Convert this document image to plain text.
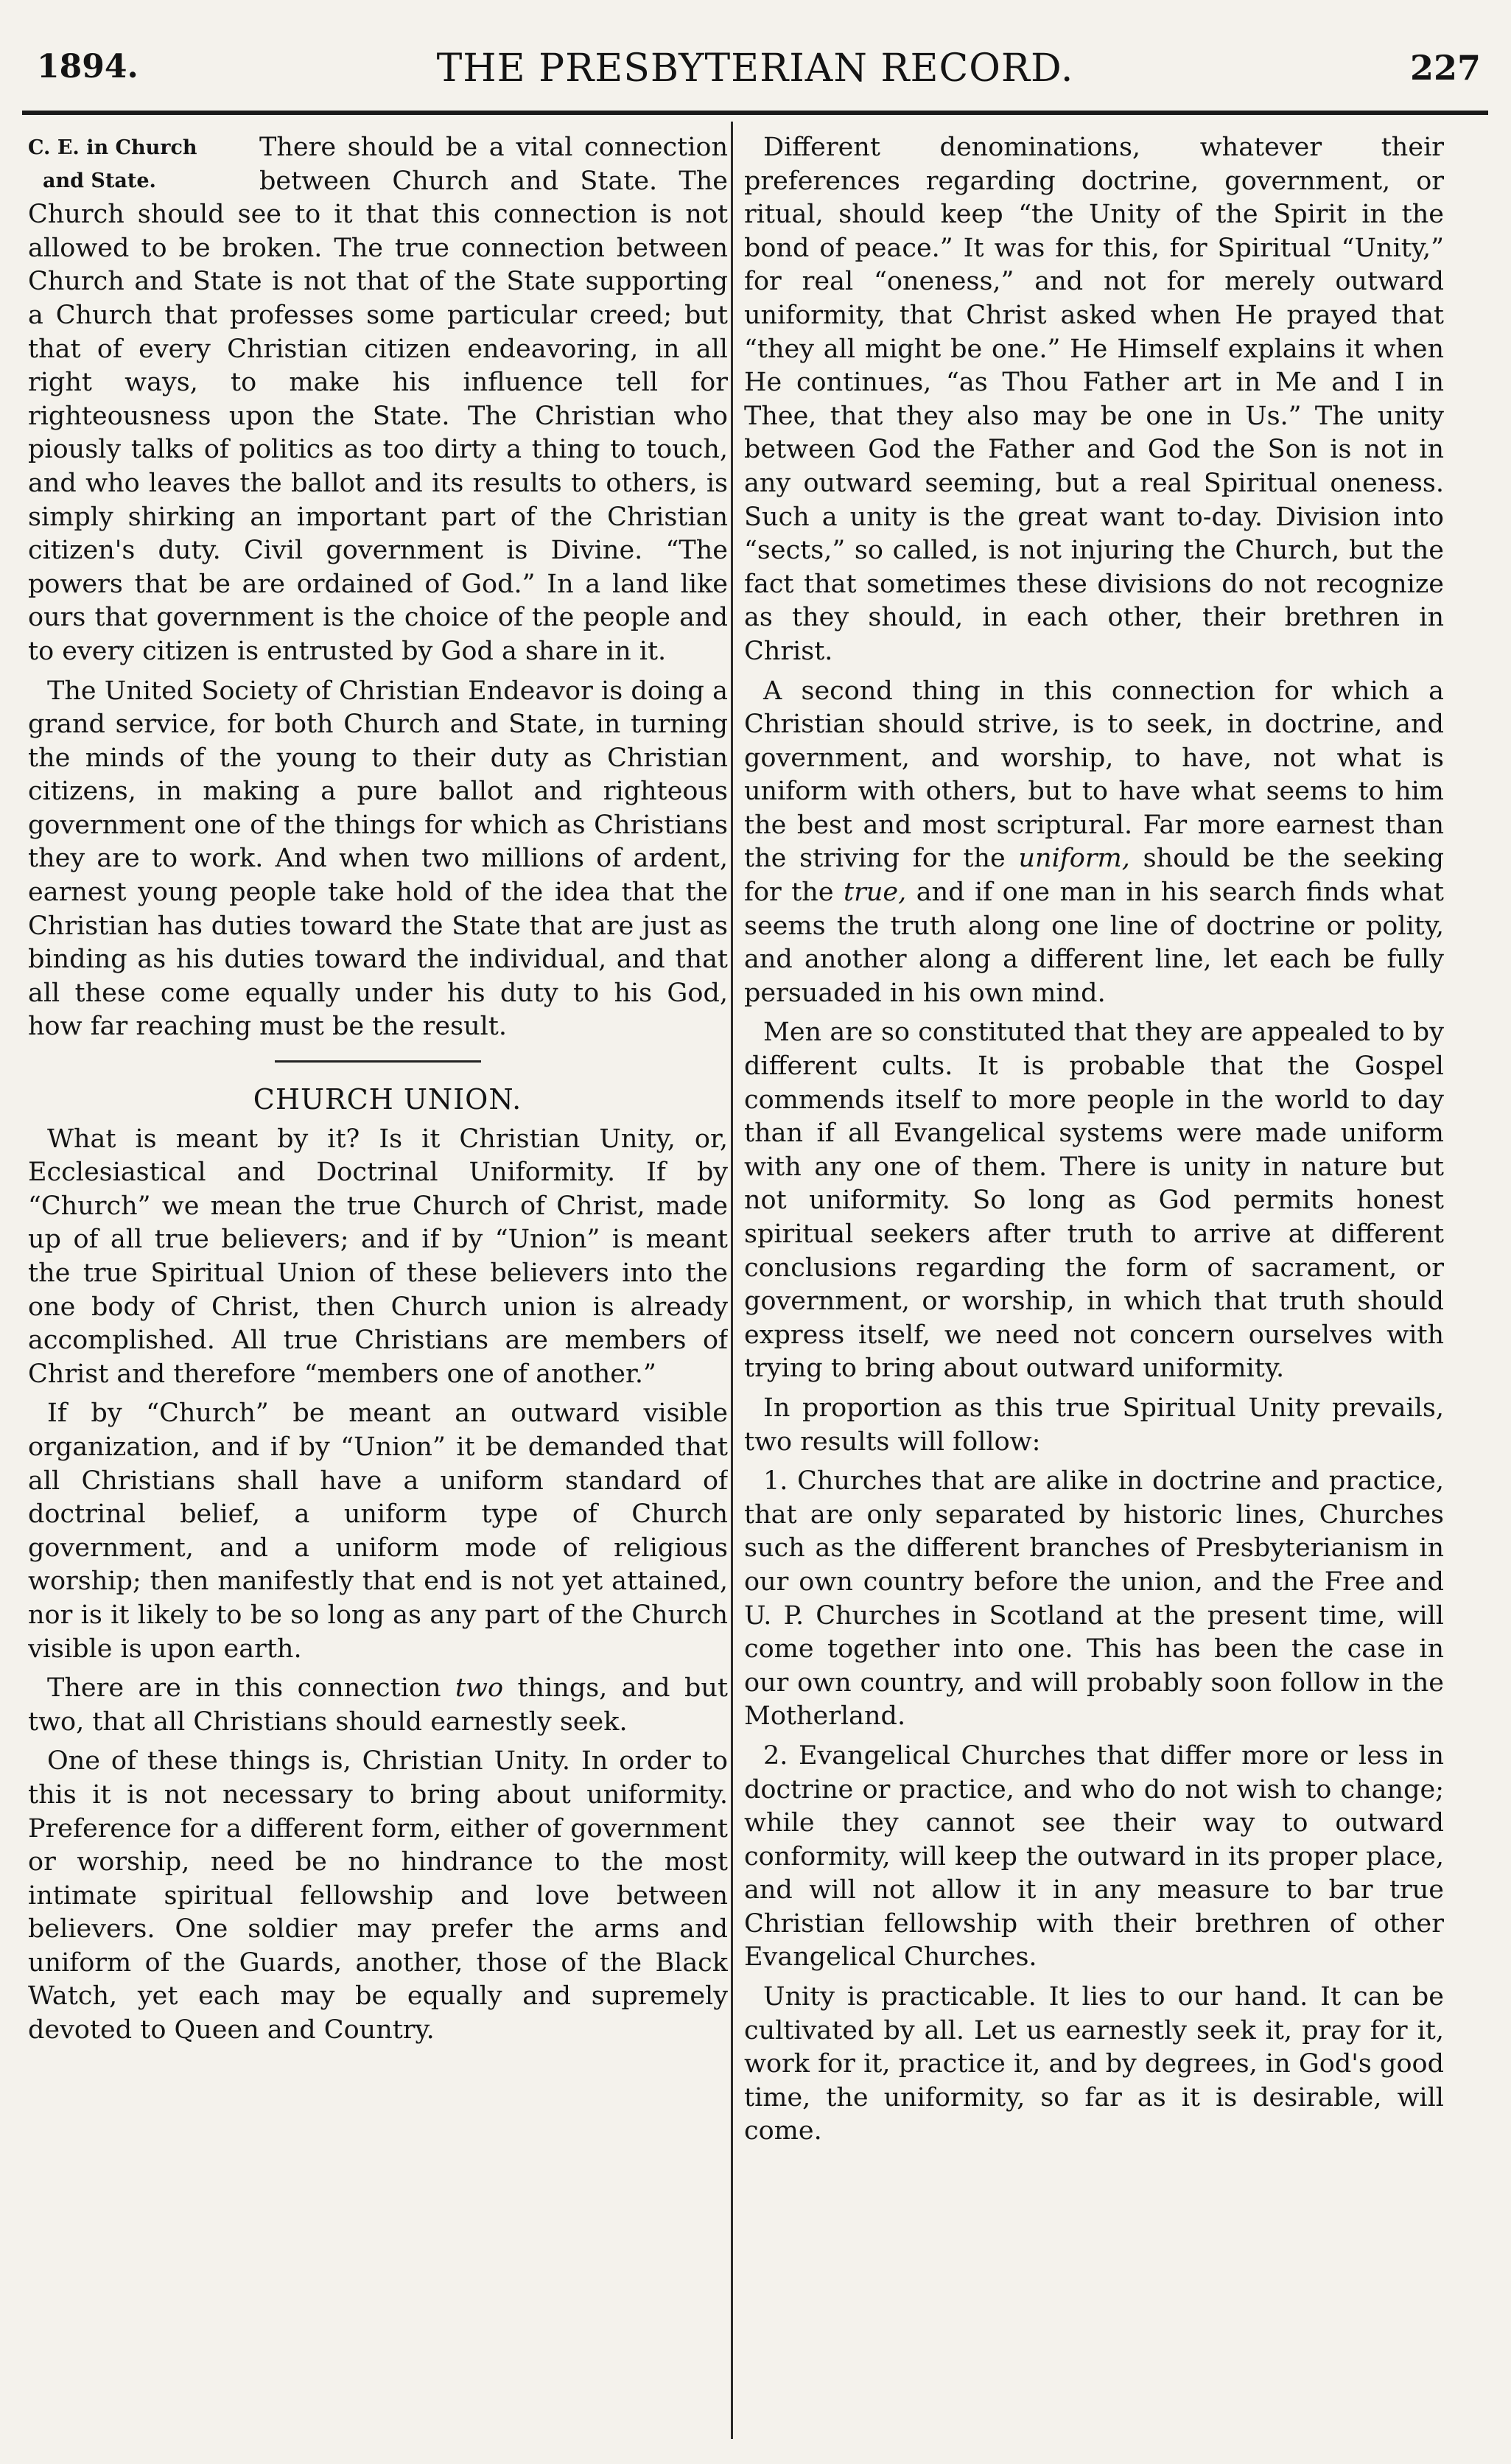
1894.	THE PRESBYTERIAN RECORD.	227

C. E. in Church
and State.
There should be a vital connection between Church and State. The Church should see to it that this connection is not allowed to be broken. The true connection between Church and State is not that of the State supporting a Church that professes some particular creed; but that of every Christian citizen endeavoring, in all right ways, to make his influence tell for righteousness upon the State. The Christian who piously talks of politics as too dirty a thing to touch, and who leaves the ballot and its results to others, is simply shirking an important part of the Christian citizen's duty. Civil government is Divine. “The powers that be are ordained of God.” In a land like ours that government is the choice of the people and to every citizen is entrusted by God a share in it.

The United Society of Christian Endeavor is doing a grand service, for both Church and State, in turning the minds of the young to their duty as Christian citizens, in making a pure ballot and righteous government one of the things for which as Christians they are to work. And when two millions of ardent, earnest young people take hold of the idea that the Christian has duties toward the State that are just as binding as his duties toward the individual, and that all these come equally under his duty to his God, how far reaching must be the result.

CHURCH UNION.

What is meant by it? Is it Christian Unity, or, Ecclesiastical and Doctrinal Uniformity. If by “Church” we mean the true Church of Christ, made up of all true believers; and if by “Union” is meant the true Spiritual Union of these believers into the one body of Christ, then Church union is already accomplished. All true Christians are members of Christ and therefore “members one of another.”

If by “Church” be meant an outward visible organization, and if by “Union” it be demanded that all Christians shall have a uniform standard of doctrinal belief, a uniform type of Church government, and a uniform mode of religious worship; then manifestly that end is not yet attained, nor is it likely to be so long as any part of the Church visible is upon earth.

There are in this connection two things, and but two, that all Christians should earnestly seek.

One of these things is, Christian Unity. In order to this it is not necessary to bring about uniformity. Preference for a different form, either of government or worship, need be no hindrance to the most intimate spiritual fellowship and love between believers. One soldier may prefer the arms and uniform of the Guards, another, those of the Black Watch, yet each may be equally and supremely devoted to Queen and Country.

Different denominations, whatever their preferences regarding doctrine, government, or ritual, should keep “the Unity of the Spirit in the bond of peace.” It was for this, for Spiritual “Unity,” for real “oneness,” and not for merely outward uniformity, that Christ asked when He prayed that “they all might be one.” He Himself explains it when He continues, “as Thou Father art in Me and I in Thee, that they also may be one in Us.” The unity between God the Father and God the Son is not in any outward seeming, but a real Spiritual oneness. Such a unity is the great want to-day. Division into “sects,” so called, is not injuring the Church, but the fact that sometimes these divisions do not recognize as they should, in each other, their brethren in Christ.

A second thing in this connection for which a Christian should strive, is to seek, in doctrine, and government, and worship, to have, not what is uniform with others, but to have what seems to him the best and most scriptural. Far more earnest than the striving for the uniform, should be the seeking for the true, and if one man in his search finds what seems the truth along one line of doctrine or polity, and another along a different line, let each be fully persuaded in his own mind.

Men are so constituted that they are appealed to by different cults. It is probable that the Gospel commends itself to more people in the world to day than if all Evangelical systems were made uniform with any one of them. There is unity in nature but not uniformity. So long as God permits honest spiritual seekers after truth to arrive at different conclusions regarding the form of sacrament, or government, or worship, in which that truth should express itself, we need not concern ourselves with trying to bring about outward uniformity.

In proportion as this true Spiritual Unity prevails, two results will follow:

1. Churches that are alike in doctrine and practice, that are only separated by historic lines, Churches such as the different branches of Presbyterianism in our own country before the union, and the Free and U. P. Churches in Scotland at the present time, will come together into one. This has been the case in our own country, and will probably soon follow in the Motherland.

2. Evangelical Churches that differ more or less in doctrine or practice, and who do not wish to change; while they cannot see their way to outward conformity, will keep the outward in its proper place, and will not allow it in any measure to bar true Christian fellowship with their brethren of other Evangelical Churches.

Unity is practicable. It lies to our hand. It can be cultivated by all. Let us earnestly seek it, pray for it, work for it, practice it, and by degrees, in God's good time, the uniformity, so far as it is desirable, will come.
